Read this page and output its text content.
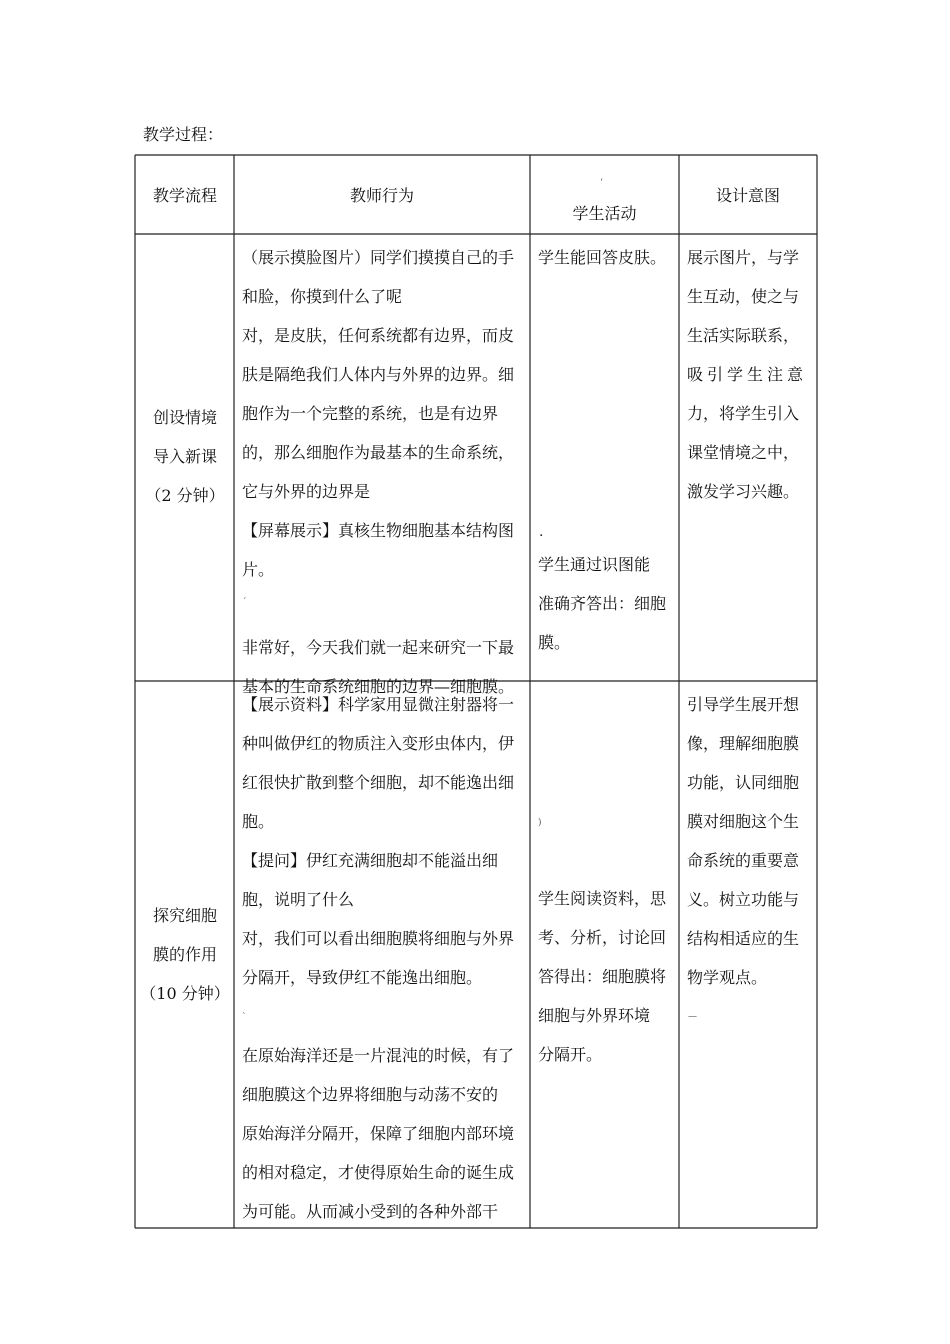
教学过程：
教学流程	教师行为
‘
学生活动
设计意图
创设情境
导入新课
（2 分钟）
（展示摸脸图片）同学们摸摸自己的手
和脸，你摸到什么了呢
对，是皮肤，任何系统都有边界，而皮
肤是隔绝我们人体内与外界的边界。细
胞作为一个完整的系统，也是有边界
的，那么细胞作为最基本的生命系统，
它与外界的边界是
【屏幕展示】真核生物细胞基本结构图
片。
非常好，今天我们就一起来研究一下最
基本的生命系统细胞的边界—细胞膜。
ˊ
学生能回答皮肤。
.
学生通过识图能
准确齐答出：细胞
膜。
展示图片，与学
生互动，使之与
生活实际联系，
吸引学生注意
力，将学生引入
课堂情境之中，
激发学习兴趣。
探究细胞
膜的作用
（10 分钟）
【展示资料】科学家用显微注射器将一
种叫做伊红的物质注入变形虫体内，伊
红很快扩散到整个细胞，却不能逸出细
胞。
【提问】伊红充满细胞却不能溢出细
胞，说明了什么
对，我们可以看出细胞膜将细胞与外界
分隔开，导致伊红不能逸出细胞。
在原始海洋还是一片混沌的时候，有了
细胞膜这个边界将细胞与动荡不安的
原始海洋分隔开，保障了细胞内部环境
的相对稳定，才使得原始生命的诞生成
为可能。从而减小受到的各种外部干
ˋ
)
学生阅读资料，思
考、分析，讨论回
答得出：细胞膜将
细胞与外界环境
分隔开。
引导学生展开想
像，理解细胞膜
功能，认同细胞
膜对细胞这个生
命系统的重要意
义。树立功能与
结构相适应的生
物学观点。
—
